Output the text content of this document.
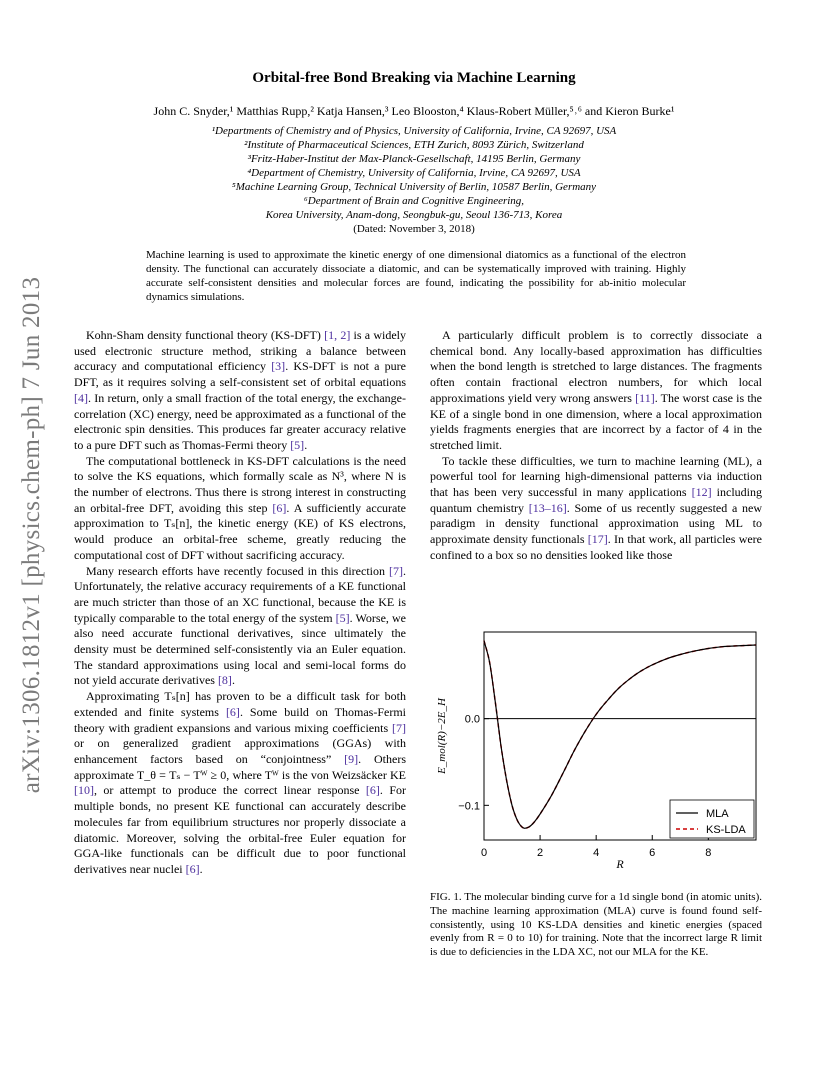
arXiv:1306.1812v1 [physics.chem-ph] 7 Jun 2013
Orbital-free Bond Breaking via Machine Learning
John C. Snyder,¹ Matthias Rupp,² Katja Hansen,³ Leo Blooston,⁴ Klaus-Robert Müller,⁵˒⁶ and Kieron Burke¹
¹Departments of Chemistry and of Physics, University of California, Irvine, CA 92697, USA
²Institute of Pharmaceutical Sciences, ETH Zurich, 8093 Zürich, Switzerland
³Fritz-Haber-Institut der Max-Planck-Gesellschaft, 14195 Berlin, Germany
⁴Department of Chemistry, University of California, Irvine, CA 92697, USA
⁵Machine Learning Group, Technical University of Berlin, 10587 Berlin, Germany
⁶Department of Brain and Cognitive Engineering,
Korea University, Anam-dong, Seongbuk-gu, Seoul 136-713, Korea
(Dated: November 3, 2018)
Machine learning is used to approximate the kinetic energy of one dimensional diatomics as a functional of the electron density. The functional can accurately dissociate a diatomic, and can be systematically improved with training. Highly accurate self-consistent densities and molecular forces are found, indicating the possibility for ab-initio molecular dynamics simulations.

Kohn-Sham density functional theory (KS-DFT) [1, 2] is a widely used electronic structure method, striking a balance between accuracy and computational efficiency [3]. KS-DFT is not a pure DFT, as it requires solving a self-consistent set of orbital equations [4]. In return, only a small fraction of the total energy, the exchange-correlation (XC) energy, need be approximated as a functional of the electronic spin densities. This produces far greater accuracy relative to a pure DFT such as Thomas-Fermi theory [5].

The computational bottleneck in KS-DFT calculations is the need to solve the KS equations, which formally scale as N³, where N is the number of electrons. Thus there is strong interest in constructing an orbital-free DFT, avoiding this step [6]. A sufficiently accurate approximation to Tₛ[n], the kinetic energy (KE) of KS electrons, would produce an orbital-free scheme, greatly reducing the computational cost of DFT without sacrificing accuracy.

Many research efforts have recently focused in this direction [7]. Unfortunately, the relative accuracy requirements of a KE functional are much stricter than those of an XC functional, because the KE is typically comparable to the total energy of the system [5]. Worse, we also need accurate functional derivatives, since ultimately the density must be determined self-consistently via an Euler equation. The standard approximations using local and semi-local forms do not yield accurate derivatives [8].

Approximating Tₛ[n] has proven to be a difficult task for both extended and finite systems [6]. Some build on Thomas-Fermi theory with gradient expansions and various mixing coefficients [7] or on generalized gradient approximations (GGAs) with enhancement factors based on “conjointness” [9]. Others approximate T_θ = Tₛ − Tᵂ ≥ 0, where Tᵂ is the von Weizsäcker KE [10], or attempt to produce the correct linear response [6]. For multiple bonds, no present KE functional can accurately describe molecules far from equilibrium structures nor properly dissociate a diatomic. Moreover, solving the orbital-free Euler equation for GGA-like functionals can be difficult due to poor functional derivatives near nuclei [6].

A particularly difficult problem is to correctly dissociate a chemical bond. Any locally-based approximation has difficulties when the bond length is stretched to large distances. The fragments often contain fractional electron numbers, for which local approximations yield very wrong answers [11]. The worst case is the KE of a single bond in one dimension, where a local approximation yields fragments energies that are incorrect by a factor of 4 in the stretched limit.

To tackle these difficulties, we turn to machine learning (ML), a powerful tool for learning high-dimensional patterns via induction that has been very successful in many applications [12] including quantum chemistry [13–16]. Some of us recently suggested a new paradigm in density functional approximation using ML to approximate density functionals [17]. In that work, all particles were confined to a box so no densities looked like those

0	2	4	6	8
0.0
−0.1
MLA
KS-LDA
R
E_mol(R)−2E_H
FIG. 1. The molecular binding curve for a 1d single bond (in atomic units). The machine learning approximation (MLA) curve is found found self-consistently, using 10 KS-LDA densities and kinetic energies (spaced evenly from R = 0 to 10) for training. Note that the incorrect large R limit is due to deficiencies in the LDA XC, not our MLA for the KE.
